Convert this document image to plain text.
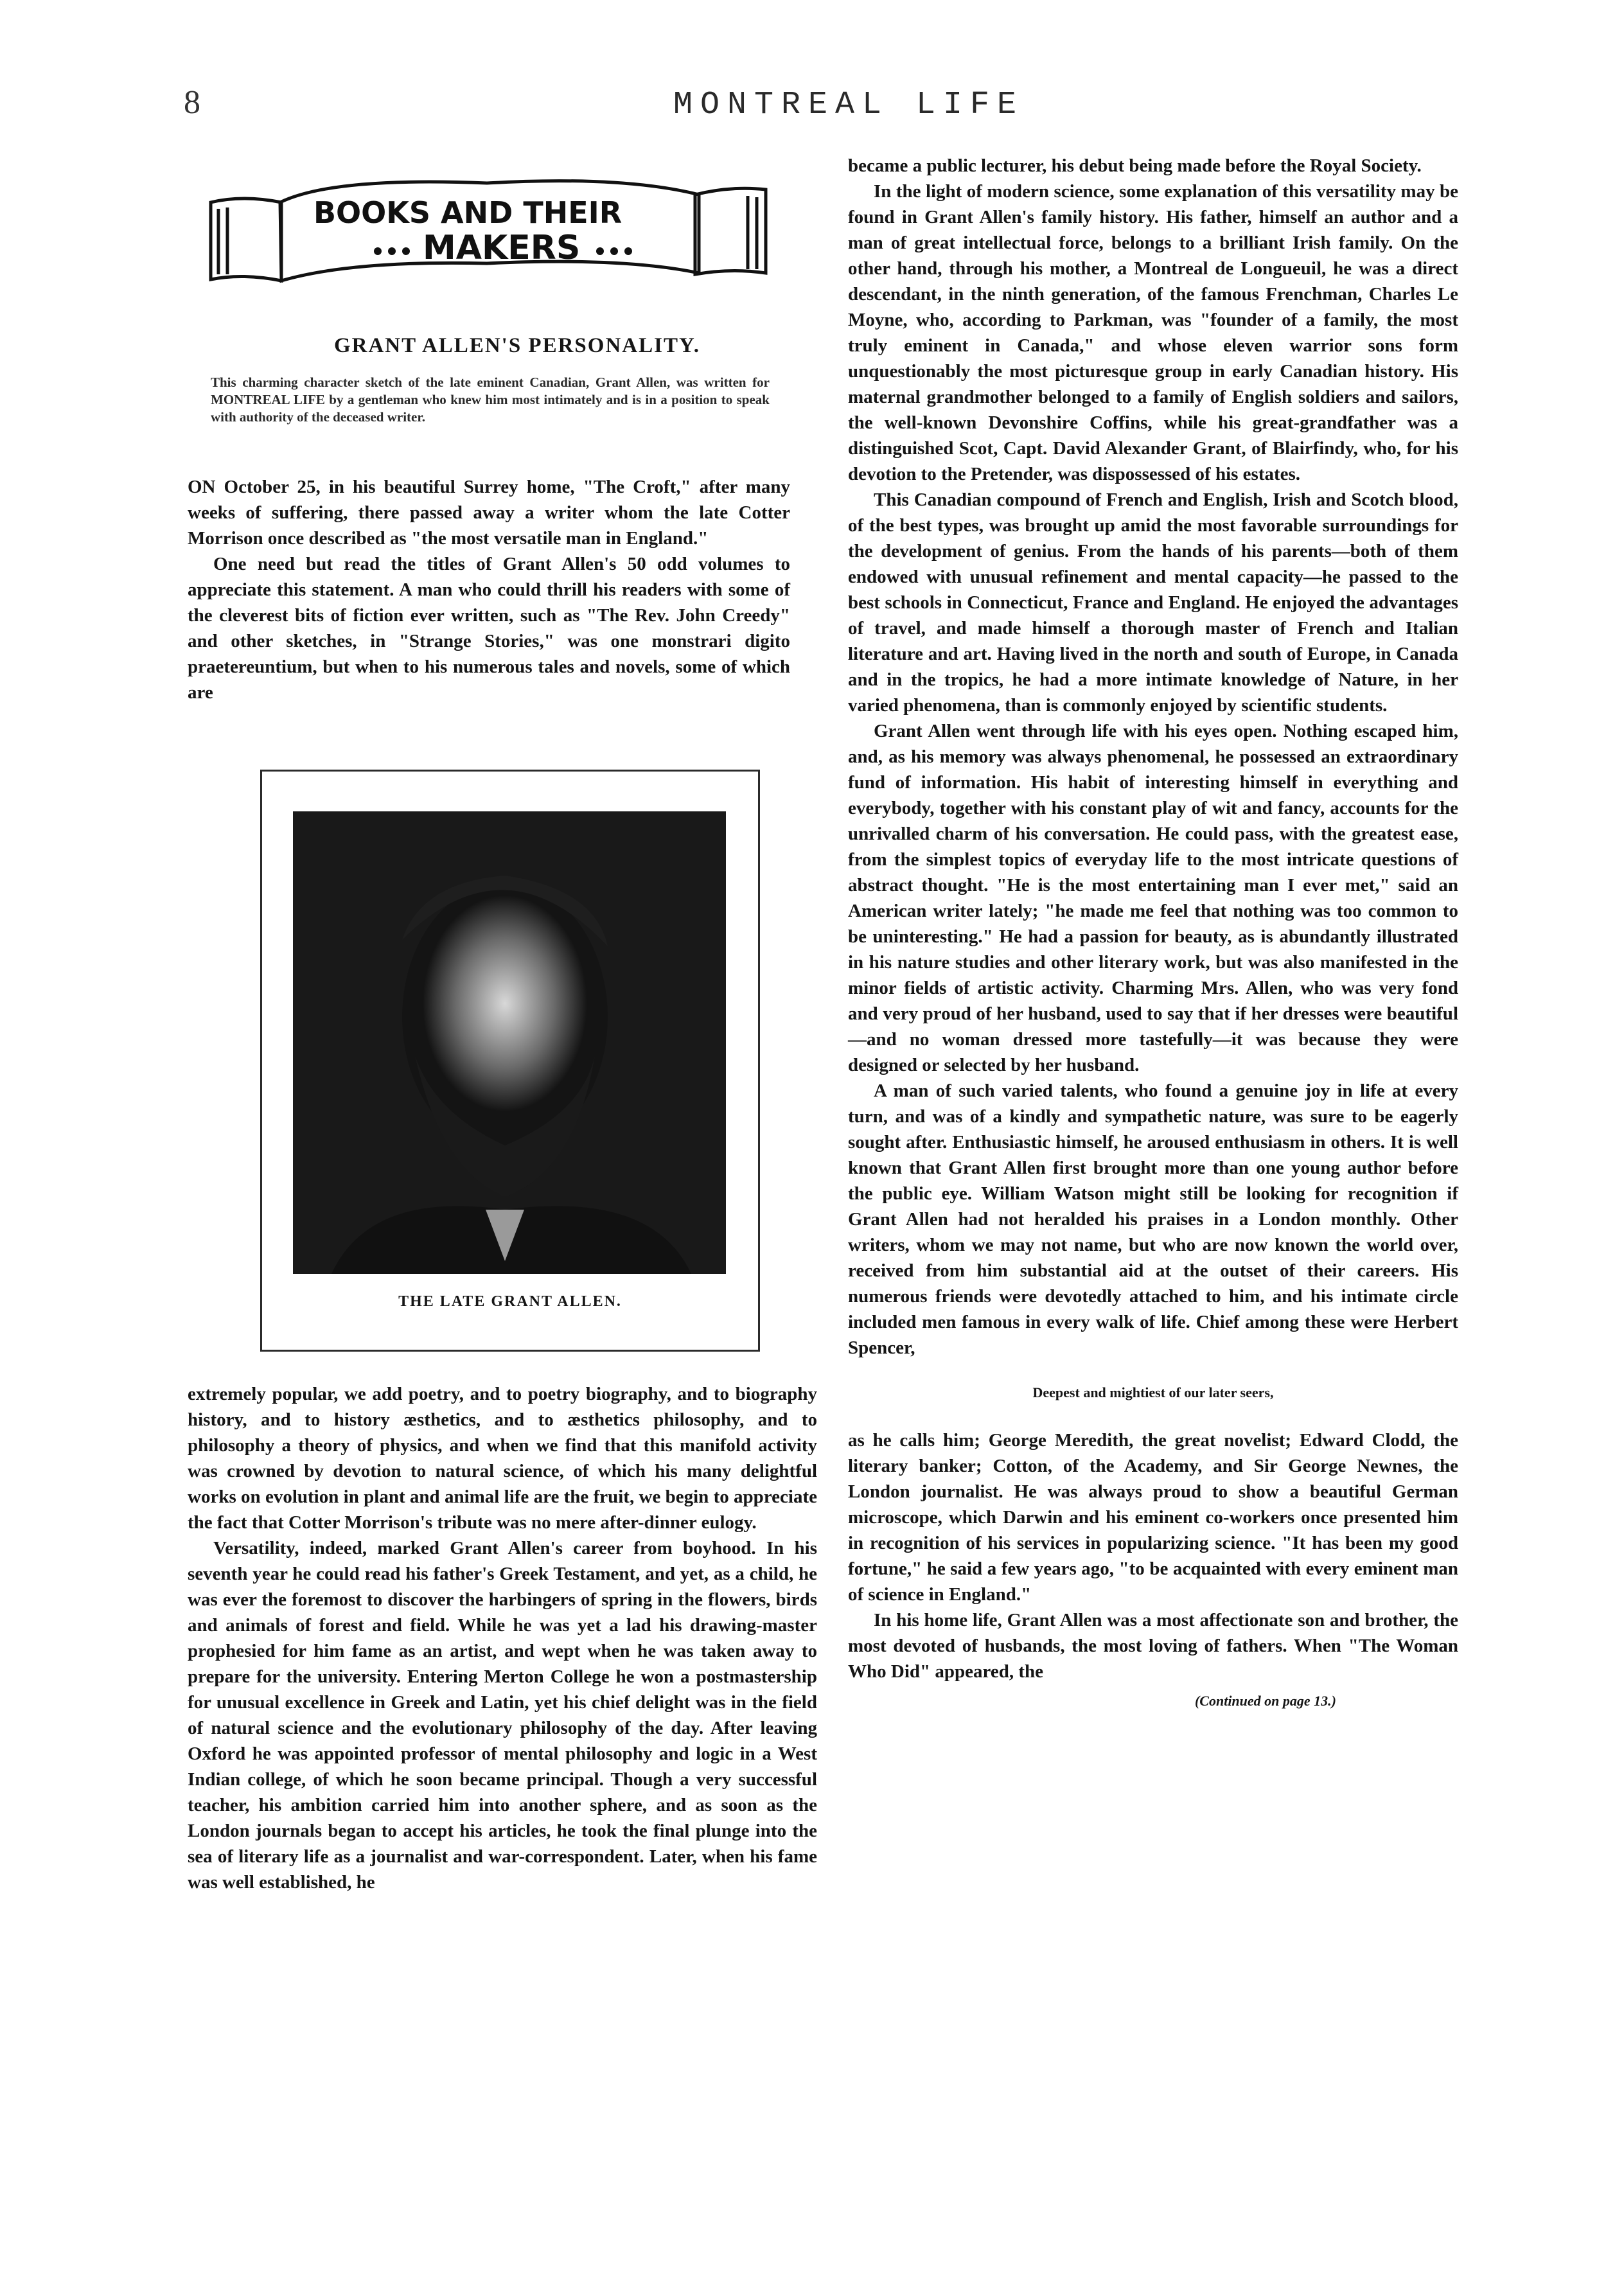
8	MONTREAL LIFE
BOOKS AND THEIR
MAKERS
GRANT ALLEN'S PERSONALITY.
This charming character sketch of the late eminent Canadian, Grant Allen, was written for MONTREAL LIFE by a gentleman who knew him most intimately and is in a position to speak with authority of the deceased writer.

ON October 25, in his beautiful Surrey home, "The Croft," after many weeks of suffering, there passed away a writer whom the late Cotter Morrison once described as "the most versatile man in England."

One need but read the titles of Grant Allen's 50 odd volumes to appreciate this statement. A man who could thrill his readers with some of the cleverest bits of fiction ever written, such as "The Rev. John Creedy" and other sketches, in "Strange Stories," was one monstrari digito praetereuntium, but when to his numerous tales and novels, some of which are

THE LATE GRANT ALLEN.

extremely popular, we add poetry, and to poetry biography, and to biography history, and to history æsthetics, and to æsthetics philosophy, and to philosophy a theory of physics, and when we find that this manifold activity was crowned by devotion to natural science, of which his many delightful works on evolution in plant and animal life are the fruit, we begin to appreciate the fact that Cotter Morrison's tribute was no mere after-dinner eulogy.

Versatility, indeed, marked Grant Allen's career from boyhood. In his seventh year he could read his father's Greek Testament, and yet, as a child, he was ever the foremost to discover the harbingers of spring in the flowers, birds and animals of forest and field. While he was yet a lad his drawing-master prophesied for him fame as an artist, and wept when he was taken away to prepare for the university. Entering Merton College he won a postmastership for unusual excellence in Greek and Latin, yet his chief delight was in the field of natural science and the evolutionary philosophy of the day. After leaving Oxford he was appointed professor of mental philosophy and logic in a West Indian college, of which he soon became principal. Though a very successful teacher, his ambition carried him into another sphere, and as soon as the London journals began to accept his articles, he took the final plunge into the sea of literary life as a journalist and war-correspondent. Later, when his fame was well established, he

became a public lecturer, his debut being made before the Royal Society.

In the light of modern science, some explanation of this versatility may be found in Grant Allen's family history. His father, himself an author and a man of great intellectual force, belongs to a brilliant Irish family. On the other hand, through his mother, a Montreal de Longueuil, he was a direct descendant, in the ninth generation, of the famous Frenchman, Charles Le Moyne, who, according to Parkman, was "founder of a family, the most truly eminent in Canada," and whose eleven warrior sons form unquestionably the most picturesque group in early Canadian history. His maternal grandmother belonged to a family of English soldiers and sailors, the well-known Devonshire Coffins, while his great-grandfather was a distinguished Scot, Capt. David Alexander Grant, of Blairfindy, who, for his devotion to the Pretender, was dispossessed of his estates.

This Canadian compound of French and English, Irish and Scotch blood, of the best types, was brought up amid the most favorable surroundings for the development of genius. From the hands of his parents—both of them endowed with unusual refinement and mental capacity—he passed to the best schools in Connecticut, France and England. He enjoyed the advantages of travel, and made himself a thorough master of French and Italian literature and art. Having lived in the north and south of Europe, in Canada and in the tropics, he had a more intimate knowledge of Nature, in her varied phenomena, than is commonly enjoyed by scientific students.

Grant Allen went through life with his eyes open. Nothing escaped him, and, as his memory was always phenomenal, he possessed an extraordinary fund of information. His habit of interesting himself in everything and everybody, together with his constant play of wit and fancy, accounts for the unrivalled charm of his conversation. He could pass, with the greatest ease, from the simplest topics of everyday life to the most intricate questions of abstract thought. "He is the most entertaining man I ever met," said an American writer lately; "he made me feel that nothing was too common to be uninteresting." He had a passion for beauty, as is abundantly illustrated in his nature studies and other literary work, but was also manifested in the minor fields of artistic activity. Charming Mrs. Allen, who was very fond and very proud of her husband, used to say that if her dresses were beautiful—and no woman dressed more tastefully—it was because they were designed or selected by her husband.

A man of such varied talents, who found a genuine joy in life at every turn, and was of a kindly and sympathetic nature, was sure to be eagerly sought after. Enthusiastic himself, he aroused enthusiasm in others. It is well known that Grant Allen first brought more than one young author before the public eye. William Watson might still be looking for recognition if Grant Allen had not heralded his praises in a London monthly. Other writers, whom we may not name, but who are now known the world over, received from him substantial aid at the outset of their careers. His numerous friends were devotedly attached to him, and his intimate circle included men famous in every walk of life. Chief among these were Herbert Spencer,

Deepest and mightiest of our later seers,

as he calls him; George Meredith, the great novelist; Edward Clodd, the literary banker; Cotton, of the Academy, and Sir George Newnes, the London journalist. He was always proud to show a beautiful German microscope, which Darwin and his eminent co-workers once presented him in recognition of his services in popularizing science. "It has been my good fortune," he said a few years ago, "to be acquainted with every eminent man of science in England."

In his home life, Grant Allen was a most affectionate son and brother, the most devoted of husbands, the most loving of fathers. When "The Woman Who Did" appeared, the

(Continued on page 13.)
